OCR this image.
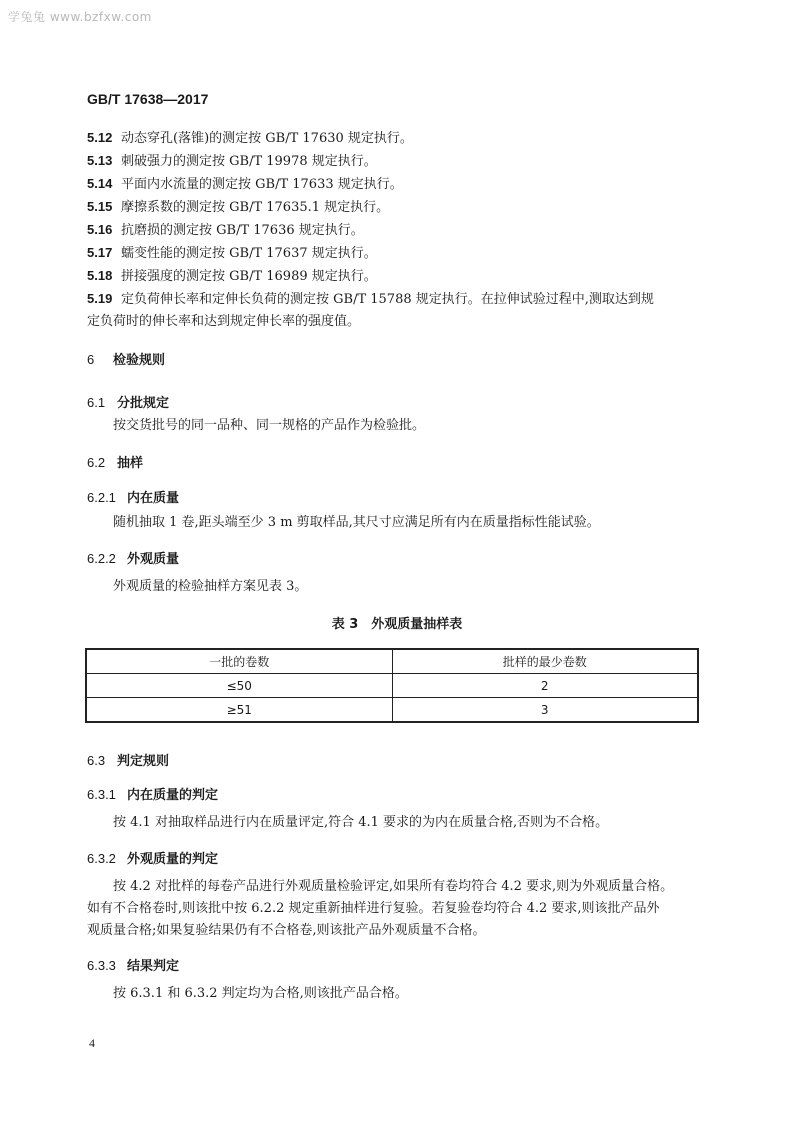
学兔兔 www.bzfxw.com
GB/T 17638—2017

5.12 动态穿孔(落锥)的测定按 GB/T 17630 规定执行。

5.13 刺破强力的测定按 GB/T 19978 规定执行。

5.14 平面内水流量的测定按 GB/T 17633 规定执行。

5.15 摩擦系数的测定按 GB/T 17635.1 规定执行。

5.16 抗磨损的测定按 GB/T 17636 规定执行。

5.17 蠕变性能的测定按 GB/T 17637 规定执行。

5.18 拼接强度的测定按 GB/T 16989 规定执行。

5.19 定负荷伸长率和定伸长负荷的测定按 GB/T 15788 规定执行。在拉伸试验过程中,测取达到规

定负荷时的伸长率和达到规定伸长率的强度值。

6 检验规则
6.1 分批规定
按交货批号的同一品种、同一规格的产品作为检验批。
6.2 抽样
6.2.1 内在质量
随机抽取 1 卷,距头端至少 3 m 剪取样品,其尺寸应满足所有内在质量指标性能试验。
6.2.2 外观质量
外观质量的检验抽样方案见表 3。
表 3　外观质量抽样表
一批的卷数	批样的最少卷数
≤50	2
≥51	3
6.3 判定规则
6.3.1 内在质量的判定
按 4.1 对抽取样品进行内在质量评定,符合 4.1 要求的为内在质量合格,否则为不合格。
6.3.2 外观质量的判定
按 4.2 对批样的每卷产品进行外观质量检验评定,如果所有卷均符合 4.2 要求,则为外观质量合格。
如有不合格卷时,则该批中按 6.2.2 规定重新抽样进行复验。若复验卷均符合 4.2 要求,则该批产品外
观质量合格;如果复验结果仍有不合格卷,则该批产品外观质量不合格。
6.3.3 结果判定
按 6.3.1 和 6.3.2 判定均为合格,则该批产品合格。
4
